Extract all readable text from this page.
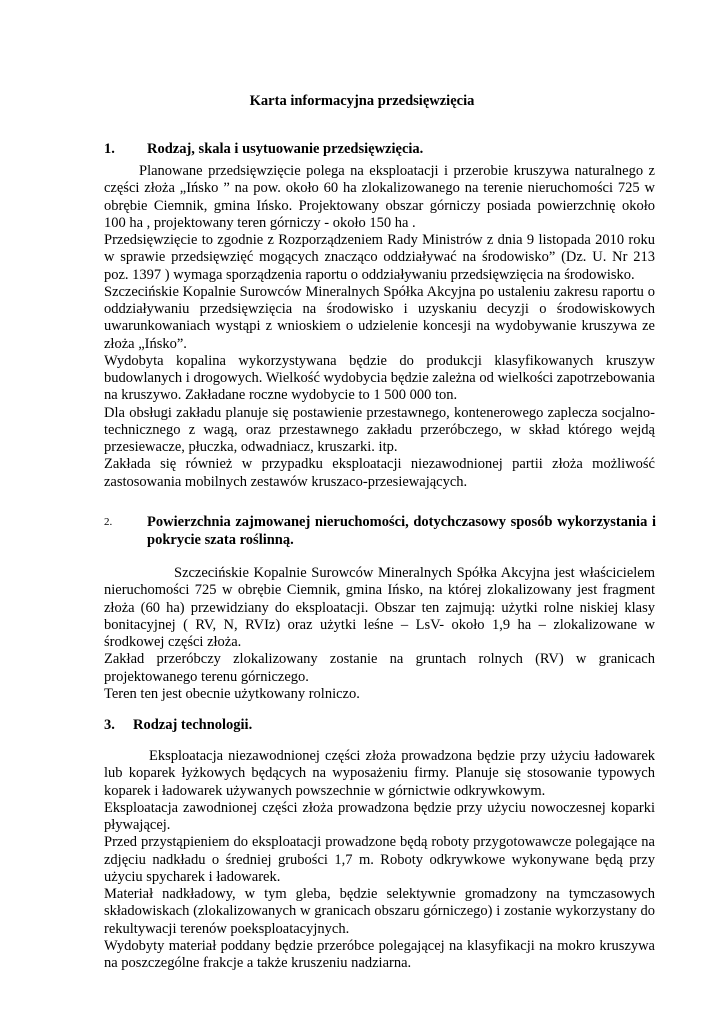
Karta informacyjna przedsięwzięcia
1. Rodzaj, skala i usytuowanie przedsięwzięcia.

Planowane przedsięwzięcie polega na eksploatacji i przerobie kruszywa naturalnego z części złoża „Ińsko ” na pow. około 60 ha zlokalizowanego na terenie nieruchomości 725 w obrębie Ciemnik, gmina Ińsko. Projektowany obszar górniczy posiada powierzchnię około 100 ha , projektowany teren górniczy - około 150 ha .

Przedsięwzięcie to zgodnie z Rozporządzeniem Rady Ministrów z dnia 9 listopada 2010 roku w sprawie przedsięwzięć mogących znacząco oddziaływać na środowisko” (Dz. U. Nr 213 poz. 1397 ) wymaga sporządzenia raportu o oddziaływaniu przedsięwzięcia na środowisko.

Szczecińskie Kopalnie Surowców Mineralnych Spółka Akcyjna po ustaleniu zakresu raportu o oddziaływaniu przedsięwzięcia na środowisko i uzyskaniu decyzji o środowiskowych uwarunkowaniach wystąpi z wnioskiem o udzielenie koncesji na wydobywanie kruszywa ze złoża „Ińsko”.

Wydobyta kopalina wykorzystywana będzie do produkcji klasyfikowanych kruszyw budowlanych i drogowych. Wielkość wydobycia będzie zależna od wielkości zapotrzebowania na kruszywo. Zakładane roczne wydobycie to 1 500 000 ton.

Dla obsługi zakładu planuje się postawienie przestawnego, kontenerowego zaplecza socjalno-technicznego z wagą, oraz przestawnego zakładu przeróbczego, w skład którego wejdą przesiewacze, płuczka, odwadniacz, kruszarki. itp.

Zakłada się również w przypadku eksploatacji niezawodnionej partii złoża możliwość zastosowania mobilnych zestawów kruszaco-przesiewających.

2. Powierzchnia zajmowanej nieruchomości, dotychczasowy sposób wykorzystania i pokrycie szata roślinną.

Szczecińskie Kopalnie Surowców Mineralnych Spółka Akcyjna jest właścicielem nieruchomości 725 w obrębie Ciemnik, gmina Ińsko, na której zlokalizowany jest fragment złoża (60 ha) przewidziany do eksploatacji. Obszar ten zajmują: użytki rolne niskiej klasy bonitacyjnej ( RV, N, RVIz) oraz użytki leśne – LsV- około 1,9 ha – zlokalizowane w środkowej części złoża.

Zakład przeróbczy zlokalizowany zostanie na gruntach rolnych (RV) w granicach projektowanego terenu górniczego.

Teren ten jest obecnie użytkowany rolniczo.

3. Rodzaj technologii.

Eksploatacja niezawodnionej części złoża prowadzona będzie przy użyciu ładowarek lub koparek łyżkowych będących na wyposażeniu firmy. Planuje się stosowanie typowych koparek i ładowarek używanych powszechnie w górnictwie odkrywkowym.

Eksploatacja zawodnionej części złoża prowadzona będzie przy użyciu nowoczesnej koparki pływającej.

Przed przystąpieniem do eksploatacji prowadzone będą roboty przygotowawcze polegające na zdjęciu nadkładu o średniej grubości 1,7 m. Roboty odkrywkowe wykonywane będą przy użyciu spycharek i ładowarek.

Materiał nadkładowy, w tym gleba, będzie selektywnie gromadzony na tymczasowych składowiskach (zlokalizowanych w granicach obszaru górniczego) i zostanie wykorzystany do rekultywacji terenów poeksploatacyjnych.

Wydobyty materiał poddany będzie przeróbce polegającej na klasyfikacji na mokro kruszywa na poszczególne frakcje a także kruszeniu nadziarna.
